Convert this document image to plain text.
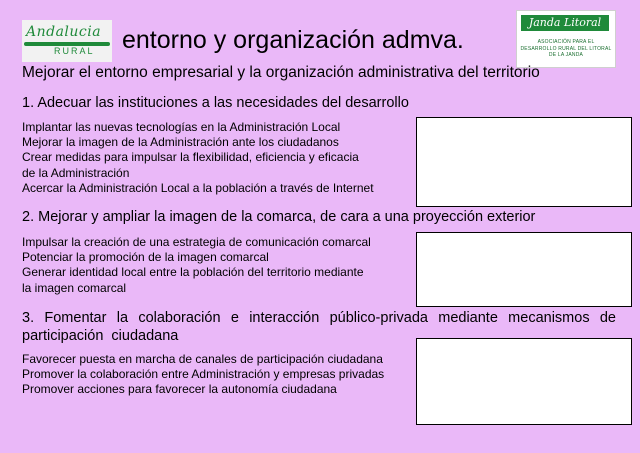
Andalucia
RURAL entorno y organización admva.
Janda Litoral
ASOCIACIÓN PARA EL DESARROLLO RURAL DEL LITORAL DE LA JANDA
Mejorar el entorno empresarial y la organización administrativa del territorio
1. Adecuar las instituciones a las necesidades del desarrollo
Implantar las nuevas tecnologías en la Administración Local
Mejorar la imagen de la Administración ante los ciudadanos
Crear medidas para impulsar la flexibilidad, eficiencia y eficacia
de la Administración
Acercar la Administración Local a la población a través de Internet
2. Mejorar y ampliar la imagen de la comarca, de cara a una proyección exterior
Impulsar la creación de una estrategia de comunicación comarcal
Potenciar la promoción de la imagen comarcal
Generar identidad local entre la población del territorio mediante
la imagen comarcal
3. Fomentar la colaboración e interacción público-privada mediante mecanismos de participación ciudadana
Favorecer puesta en marcha de canales de participación ciudadana
Promover la colaboración entre Administración y empresas privadas
Promover acciones para favorecer la autonomía ciudadana
